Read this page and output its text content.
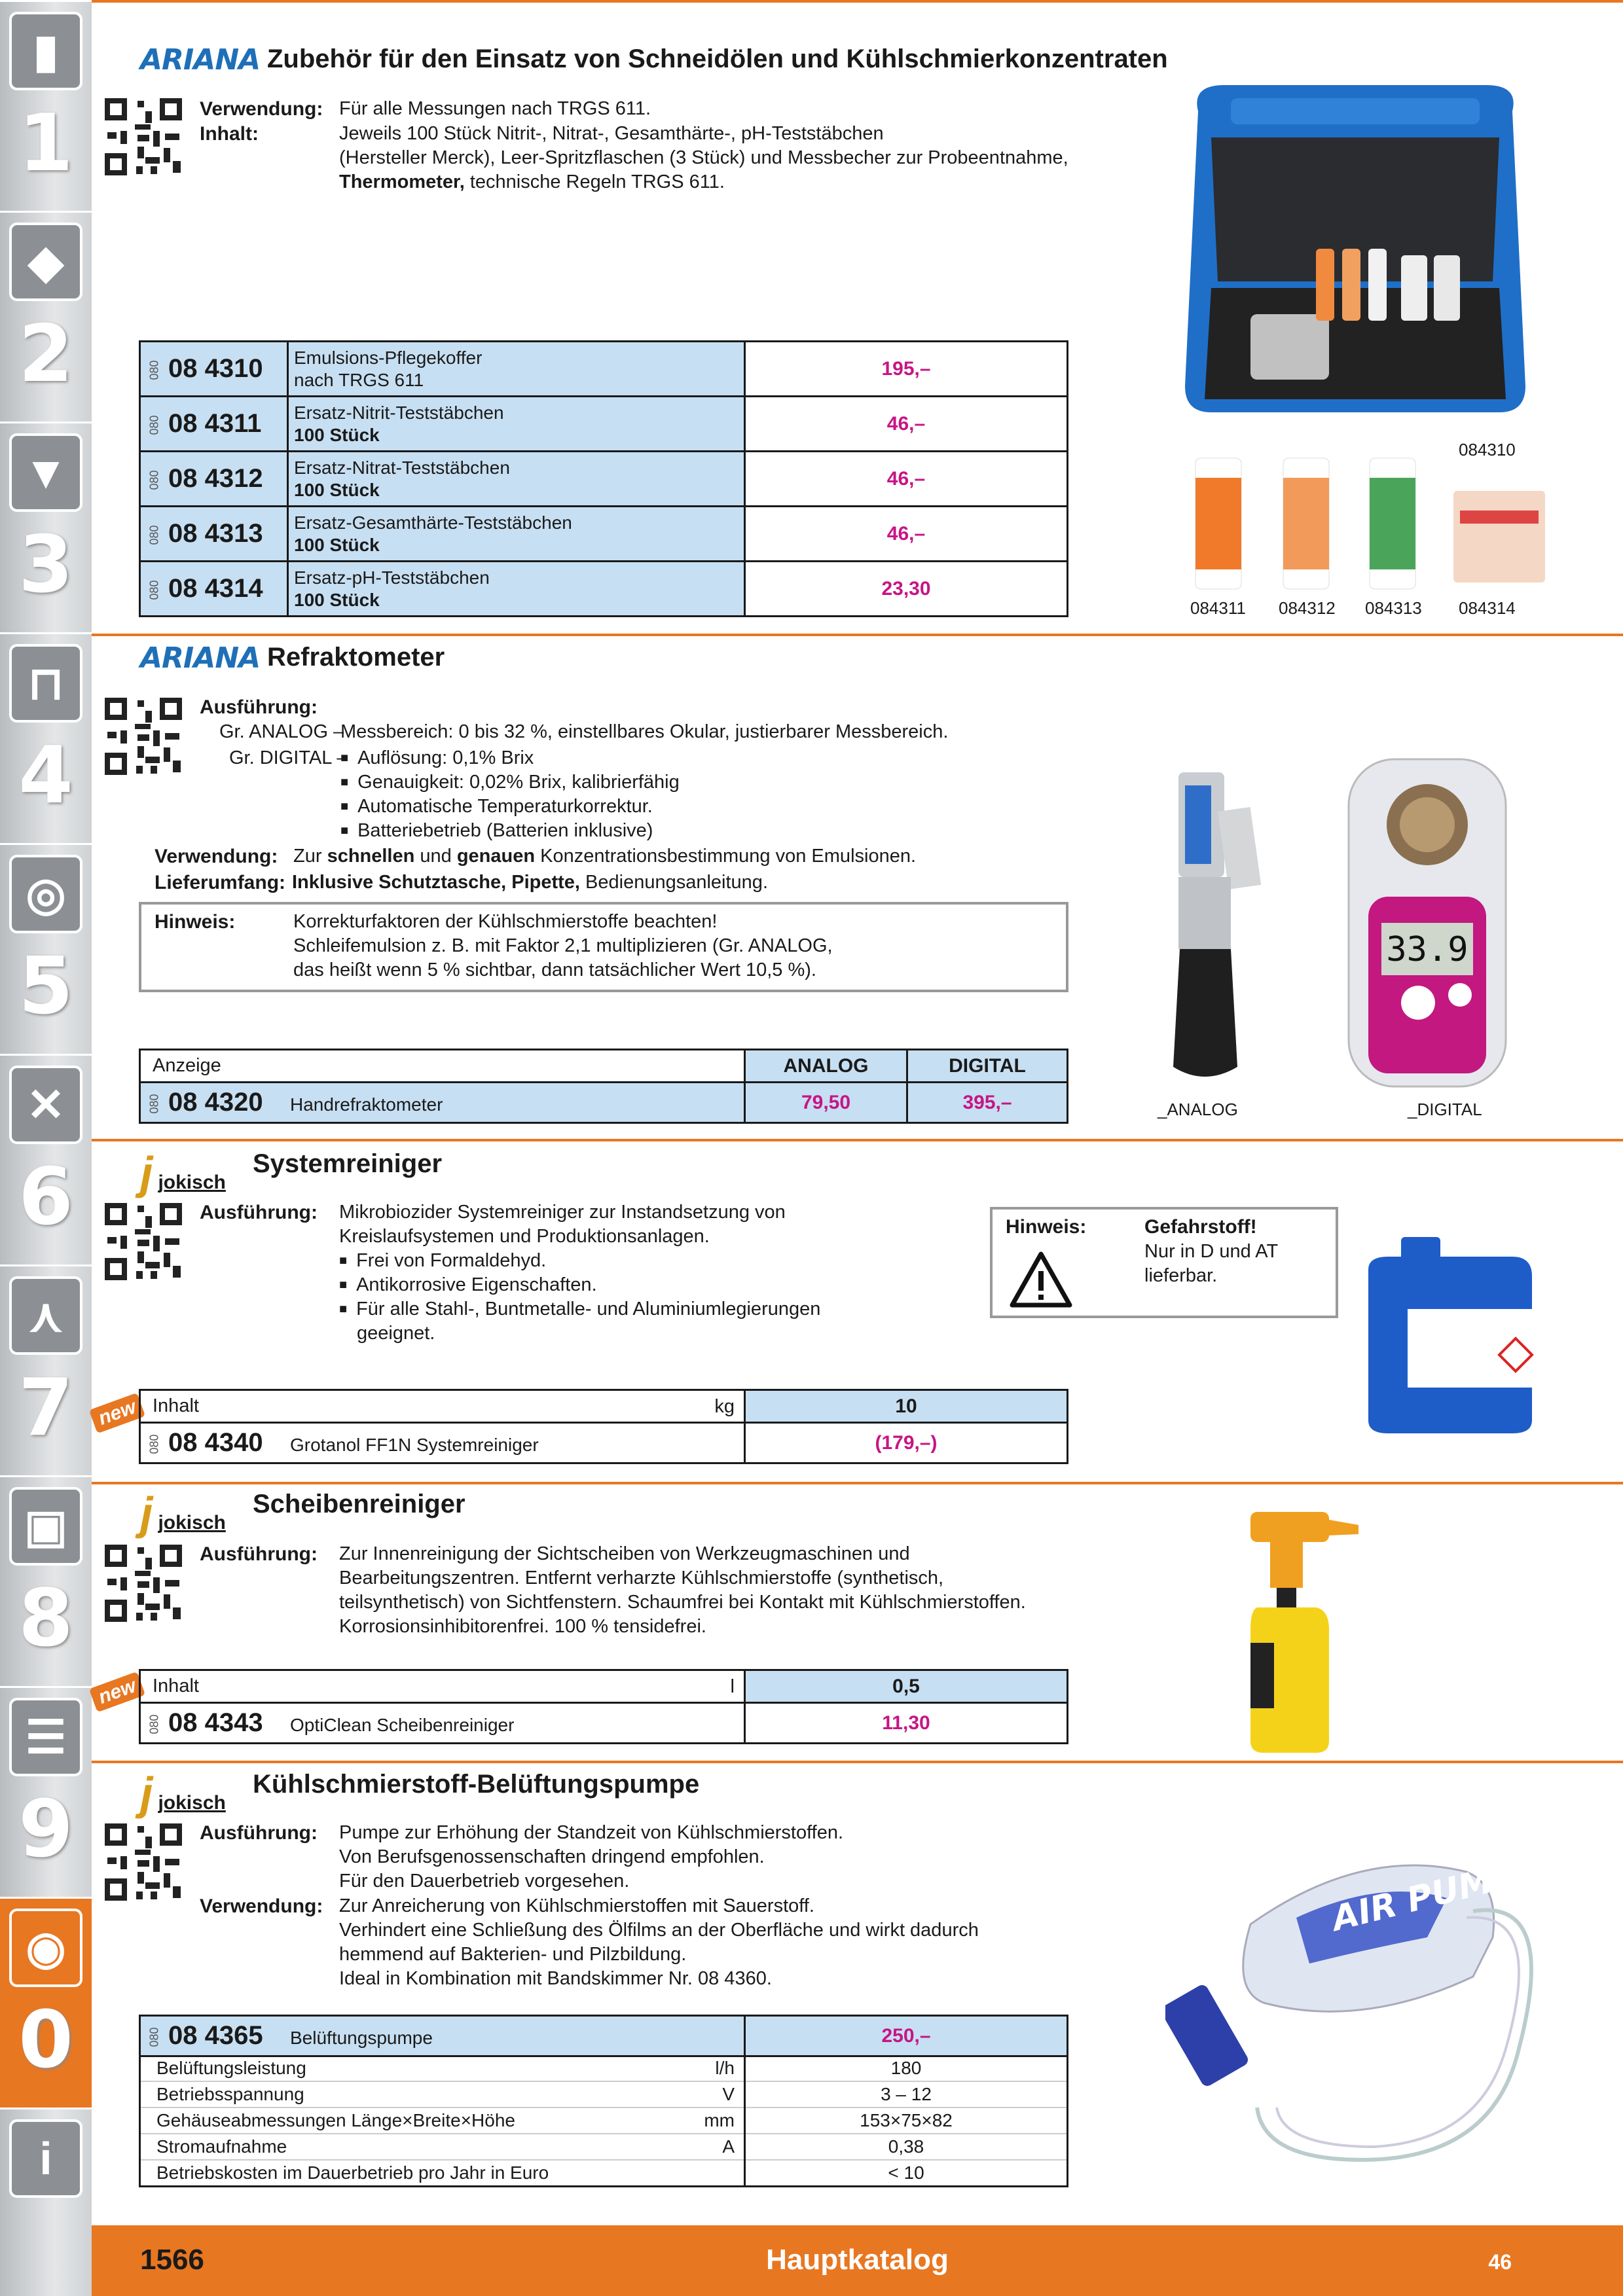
▮
1
◆
2
▼
3
⊓
4
◎
5
✕
6
⋏
7
▣
8
☰
9
◉
0
i
ARIANA Zubehör für den Einsatz von Schneidölen und Kühlschmierkonzentraten
Verwendung: Für alle Messungen nach TRGS 611.
Inhalt:	Jeweils 100 Stück Nitrit-, Nitrat-, Gesamthärte-, pH-Teststäbchen
(Hersteller Merck), Leer-Spritzflaschen (3 Stück) und Messbecher zur Probeentnahme,
Thermometer, technische Regeln TRGS 611.
080 08 4310	Emulsions-Pflegekoffer
nach TRGS 611	195,–
080 08 4311	Ersatz-Nitrit-Teststäbchen
100 Stück	46,–
080 08 4312	Ersatz-Nitrat-Teststäbchen
100 Stück	46,–
080 08 4313	Ersatz-Gesamthärte-Teststäbchen
100 Stück	46,–
080 08 4314	Ersatz-pH-Teststäbchen
100 Stück	23,30
084310
084311 084312 084313 084314
ARIANA Refraktometer
Ausführung:
Gr. ANALOG –
Messbereich: 0 bis 32 %, einstellbares Okular, justierbarer Messbereich.
Gr. DIGITAL – ■ Auflösung: 0,1% Brix
■ Genauigkeit: 0,02% Brix, kalibrierfähig
■ Automatische Temperaturkorrektur.
■ Batteriebetrieb (Batterien inklusive)
Verwendung: Zur schnellen und genauen Konzentrationsbestimmung von Emulsionen.
Lieferumfang: Inklusive Schutztasche, Pipette, Bedienungsanleitung.
Hinweis:	Korrekturfaktoren der Kühlschmierstoffe beachten!
Schleifemulsion z. B. mit Faktor 2,1 multiplizieren (Gr. ANALOG,
das heißt wenn 5 % sichtbar, dann tatsächlicher Wert 10,5 %).
Anzeige	ANALOG	DIGITAL
080 08 4320 Handrefraktometer	79,50	395,–	_ANALOG
33.9
_DIGITAL
jjokisch
Systemreiniger
Ausführung: Mikrobiozider Systemreiniger zur Instandsetzung von
Kreislaufsystemen und Produktionsanlagen.
■ Frei von Formaldehyd.
■ Antikorrosive Eigenschaften.
■ Für alle Stahl-, Buntmetalle- und Aluminiumlegierungen
geeignet.
Hinweis:	Gefahrstoff!
Nur in D und AT
lieferbar.
new Inhalt kg	10
080 08 4340 Grotanol FF1N Systemreiniger	(179,–)
jjokisch
Scheibenreiniger
Ausführung: Zur Innenreinigung der Sichtscheiben von Werkzeugmaschinen und
Bearbeitungszentren. Entfernt verharzte Kühlschmierstoffe (synthetisch,
teilsynthetisch) von Sichtfenstern. Schaumfrei bei Kontakt mit Kühlschmierstoffen.
Korrosionsinhibitorenfrei. 100 % tensidefrei.
new Inhalt l	0,5
080 08 4343 OptiClean Scheibenreiniger	11,30
jjokisch
Kühlschmierstoff-Belüftungspumpe
Ausführung: Pumpe zur Erhöhung der Standzeit von Kühlschmierstoffen.
Von Berufsgenossenschaften dringend empfohlen.
Für den Dauerbetrieb vorgesehen.
Verwendung: Zur Anreicherung von Kühlschmierstoffen mit Sauerstoff.
Verhindert eine Schließung des Ölfilms an der Oberfläche und wirkt dadurch
hemmend auf Bakterien- und Pilzbildung.
Ideal in Kombination mit Bandskimmer Nr. 08 4360.
AIR PUMP
080 08 4365 Belüftungspumpe	250,–
Belüftungsleistung	l/h	180
Betriebsspannung	V	3 – 12
Gehäuseabmessungen Länge×Breite×Höhe	mm	153×75×82
Stromaufnahme	A	0,38
Betriebskosten im Dauerbetrieb pro Jahr in Euro		< 10
1566	Hauptkatalog	46
